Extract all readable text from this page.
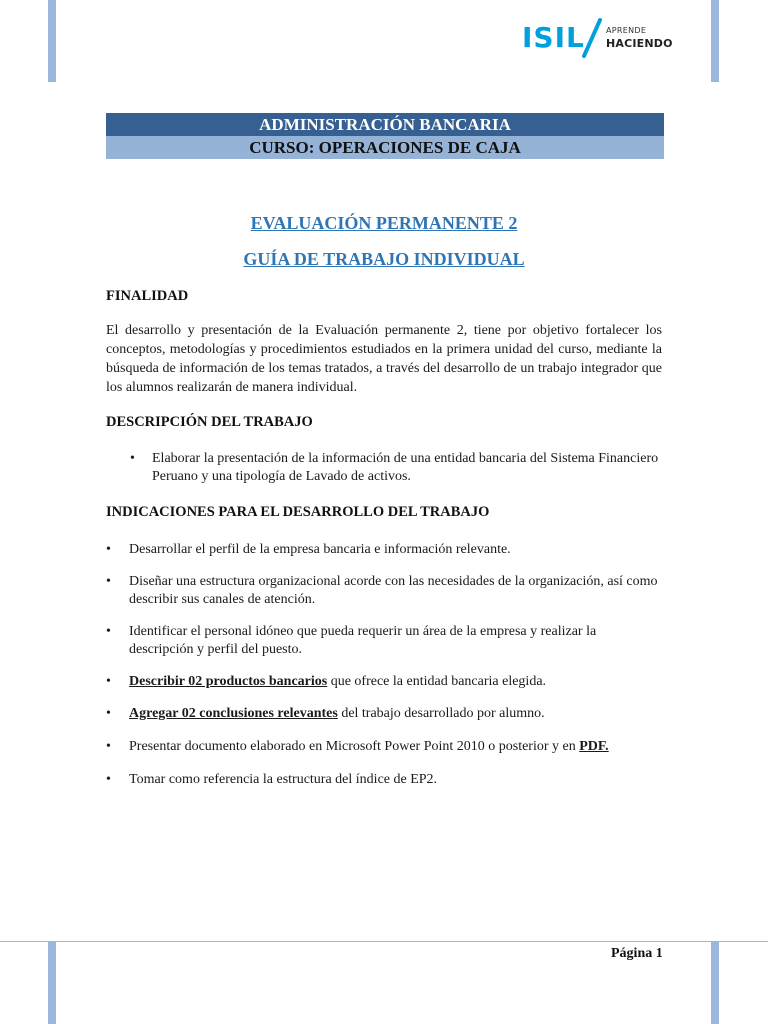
ISIL	APRENDE
HACIENDO
ADMINISTRACIÓN BANCARIA
CURSO: OPERACIONES DE CAJA
EVALUACIÓN PERMANENTE 2
GUÍA DE TRABAJO INDIVIDUAL
FINALIDAD
El desarrollo y presentación de la Evaluación permanente 2, tiene por objetivo fortalecer los conceptos, metodologías y procedimientos estudiados en la primera unidad del curso, mediante la búsqueda de información de los temas tratados, a través del desarrollo de un trabajo integrador que los alumnos realizarán de manera individual.
DESCRIPCIÓN DEL TRABAJO
• Elaborar la presentación de la información de una entidad bancaria del Sistema Financiero Peruano y una tipología de Lavado de activos.
INDICACIONES PARA EL DESARROLLO DEL TRABAJO
• Desarrollar el perfil de la empresa bancaria e información relevante.
• Diseñar una estructura organizacional acorde con las necesidades de la organización, así como describir sus canales de atención.
• Identificar el personal idóneo que pueda requerir un área de la empresa y realizar la descripción y perfil del puesto.
• Describir 02 productos bancarios que ofrece la entidad bancaria elegida.
• Agregar 02 conclusiones relevantes del trabajo desarrollado por alumno.
• Presentar documento elaborado en Microsoft Power Point 2010 o posterior y en PDF.
• Tomar como referencia la estructura del índice de EP2.
Página 1
